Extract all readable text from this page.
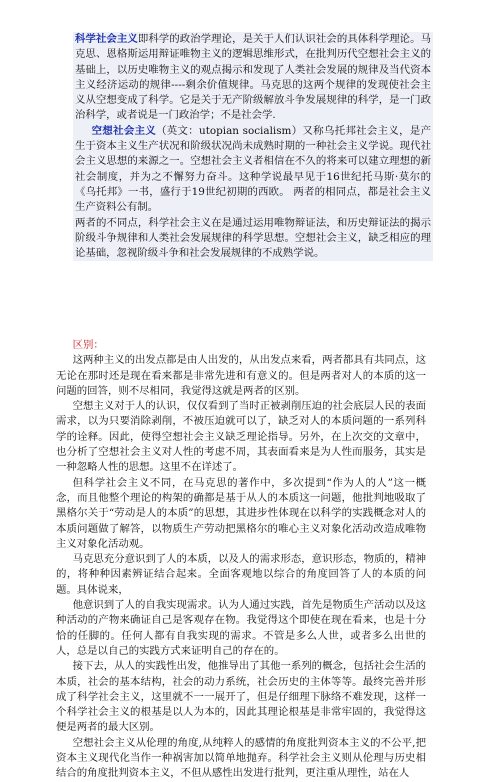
科学社会主义即科学的政治学理论，是关于人们认识社会的具体科学理论。马克思、恩格斯运用辩证唯物主义的逻辑思维形式，在批判历代空想社会主义的基础上，以历史唯物主义的观点揭示和发现了人类社会发展的规律及当代资本主义经济运动的规律----剩余价值规律。马克思的这两个规律的发现使社会主义从空想变成了科学。它是关于无产阶级解放斗争发展规律的科学，是一门政治科学，或者说是一门政治学；不是社会学.

空想社会主义（英文：utopian socialism）又称乌托邦社会主义，是产生于资本主义生产状况和阶级状况尚未成熟时期的一种社会主义学说。现代社会主义思想的来源之一。空想社会主义者相信在不久的将来可以建立理想的新社会制度，并为之不懈努力奋斗。这种学说最早见于16世纪托马斯·莫尔的《乌托邦》一书，盛行于19世纪初期的西欧。 两者的相同点，都是社会主义生产资料公有制。

两者的不同点，科学社会主义在是通过运用唯物辩证法，和历史辩证法的揭示阶级斗争规律和人类社会发展规律的科学思想。空想社会主义，缺乏相应的理论基础，忽视阶级斗争和社会发展规律的不成熟学说。

区别：

这两种主义的出发点都是由人出发的，从出发点来看，两者都具有共同点，这无论在那时还是现在看来都是非常先进和有意义的。但是两者对人的本质的这一问题的回答，则不尽相同，我觉得这就是两者的区别。

空想主义对于人的认识，仅仅看到了当时正被剥削压迫的社会底层人民的表面需求，以为只要消除剥削，不被压迫就可以了，缺乏对人的本质问题的一系列科学的诠释。因此，使得空想社会主义缺乏理论指导。另外，在上次交的文章中，也分析了空想社会主义对人性的考虑不周，其表面看来是为人性而服务，其实是一种忽略人性的思想。这里不在详述了。

但科学社会主义不同，在马克思的著作中，多次提到“作为人的人”这一概念，而且他整个理论的构架的确都是基于从人的本质这一问题，他批判地吸取了黑格尔关于“劳动是人的本质”的思想，其进步性体现在以科学的实践概念对人的本质问题做了解答，以物质生产劳动把黑格尔的唯心主义对象化活动改造成唯物主义对象化活动观。

马克思充分意识到了人的本质，以及人的需求形态，意识形态，物质的，精神的，将种种因素辨证结合起来。全面客观地以综合的角度回答了人的本质的问题。具体说来，

他意识到了人的自我实现需求。认为人通过实践，首先是物质生产活动以及这种活动的产物来确证自己是客观存在物。我觉得这个即使在现在看来，也是十分恰的任脚的。任何人都有自我实现的需求。不管是多么人世，或者多么出世的人，总是以自己的实践方式来证明自己的存在的。

接下去，从人的实践性出发，他推导出了其他一系列的概念，包括社会生活的本质，社会的基本结构，社会的动力系统，社会历史的主体等等。最终完善并形成了科学社会主义，这里就不一一展开了，但是仔细理下脉络不难发现，这样一个科学社会主义的根基是以人为本的，因此其理论根基是非常牢固的，我觉得这便是两者的最大区别。

空想社会主义从伦理的角度,从纯粹人的感情的角度批判资本主义的不公平,把资本主义现代化当作一种祸害加以简单地抛弃。科学社会主义则从伦理与历史相结合的角度批判资本主义，不但从感性出发进行批判，更注重从理性，站在人
